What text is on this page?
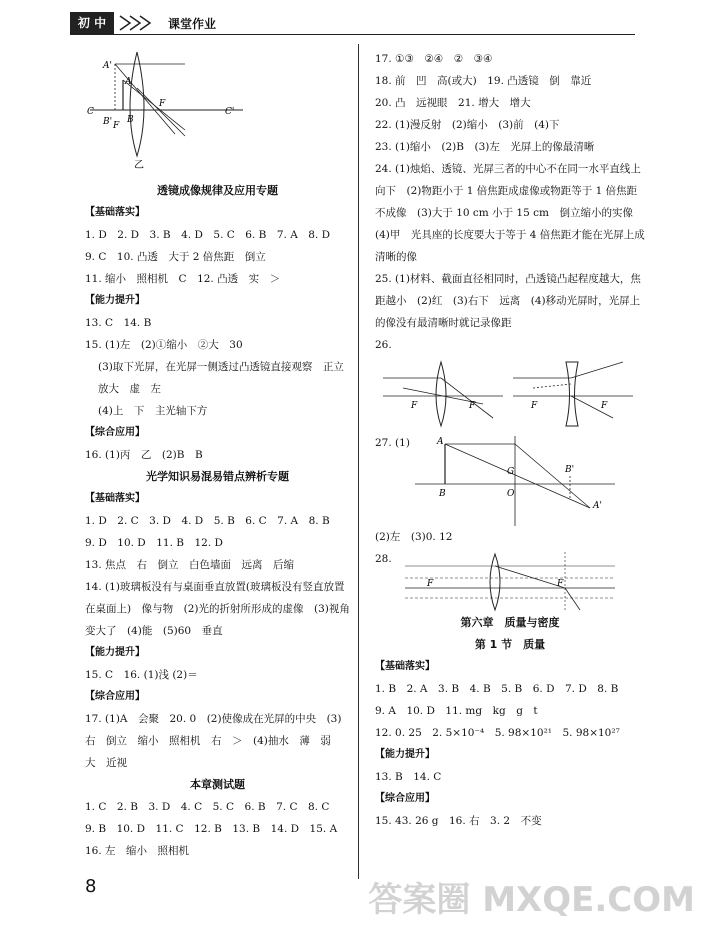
初 中	课堂作业
A'
A
C	C'
B' F
B
F
乙
透镜成像规律及应用专题
【基础落实】
1. D　2. D　3. B　4. D　5. C　6. B　7. A　8. D
9. C　10. 凸透　大于 2 倍焦距　倒立
11. 缩小　照相机　C　12. 凸透　实　＞
【能力提升】
13. C　14. B
15. (1)左　(2)①缩小　②大　30
(3)取下光屏，在光屏一侧透过凸透镜直接观察　正立　放大　虚　左
(4)上　下　主光轴下方
【综合应用】
16. (1)丙　乙　(2)B　B
光学知识易混易错点辨析专题
【基础落实】
1. D　2. C　3. D　4. D　5. B　6. C　7. A　8. B
9. D　10. D　11. B　12. D
13. 焦点　右　倒立　白色墙面　远离　后缩
14. (1)玻璃板没有与桌面垂直放置(玻璃板没有竖直放置在桌面上)　像与物　(2)光的折射所形成的虚像　(3)视角变大了　(4)能　(5)60　垂直
【能力提升】
15. C　16. (1)浅 (2)＝
【综合应用】
17. (1)A　会聚　20. 0　(2)使像成在光屏的中央　(3)右　倒立　缩小　照相机　右　＞　(4)抽水　薄　弱　大　近视
本章测试题
1. C　2. B　3. D　4. C　5. C　6. B　7. C　8. C
9. B　10. D　11. C　12. B　13. B　14. D　15. A
16. 左　缩小　照相机
17. ①③　②④　②　③④
18. 前　凹　高(或大)　19. 凸透镜　倒　靠近
20. 凸　远视眼　21. 增大　增大
22. (1)漫反射　(2)缩小　(3)前　(4)下
23. (1)缩小　(2)B　(3)左　光屏上的像最清晰
24. (1)烛焰、透镜、光屏三者的中心不在同一水平直线上　向下　(2)物距小于 1 倍焦距成虚像或物距等于 1 倍焦距不成像　(3)大于 10 cm 小于 15 cm　倒立缩小的实像　(4)甲　光具座的长度要大于等于 4 倍焦距才能在光屏上成清晰的像
25. (1)材料、截面直径相同时，凸透镜凸起程度越大，焦距越小　(2)红　(3)右下　远离　(4)移动光屏时，光屏上的像没有最清晰时就记录像距
26.
F	F	F	F
27. (1)	A
B	O
G	B'
A'
(2)左　(3)0. 12
28.
F	F
第六章　质量与密度
第 1 节　质量
【基础落实】
1. B　2. A　3. B　4. B　5. B　6. D　7. D　8. B
9. A　10. D　11. mg　kg　g　t
12. 0. 25　2. 5×10⁻⁴　5. 98×10²¹　5. 98×10²⁷
【能力提升】
13. B　14. C
【综合应用】
15. 43. 26 g　16. 右　3. 2　不变
8	答案圈 MXQE.COM
